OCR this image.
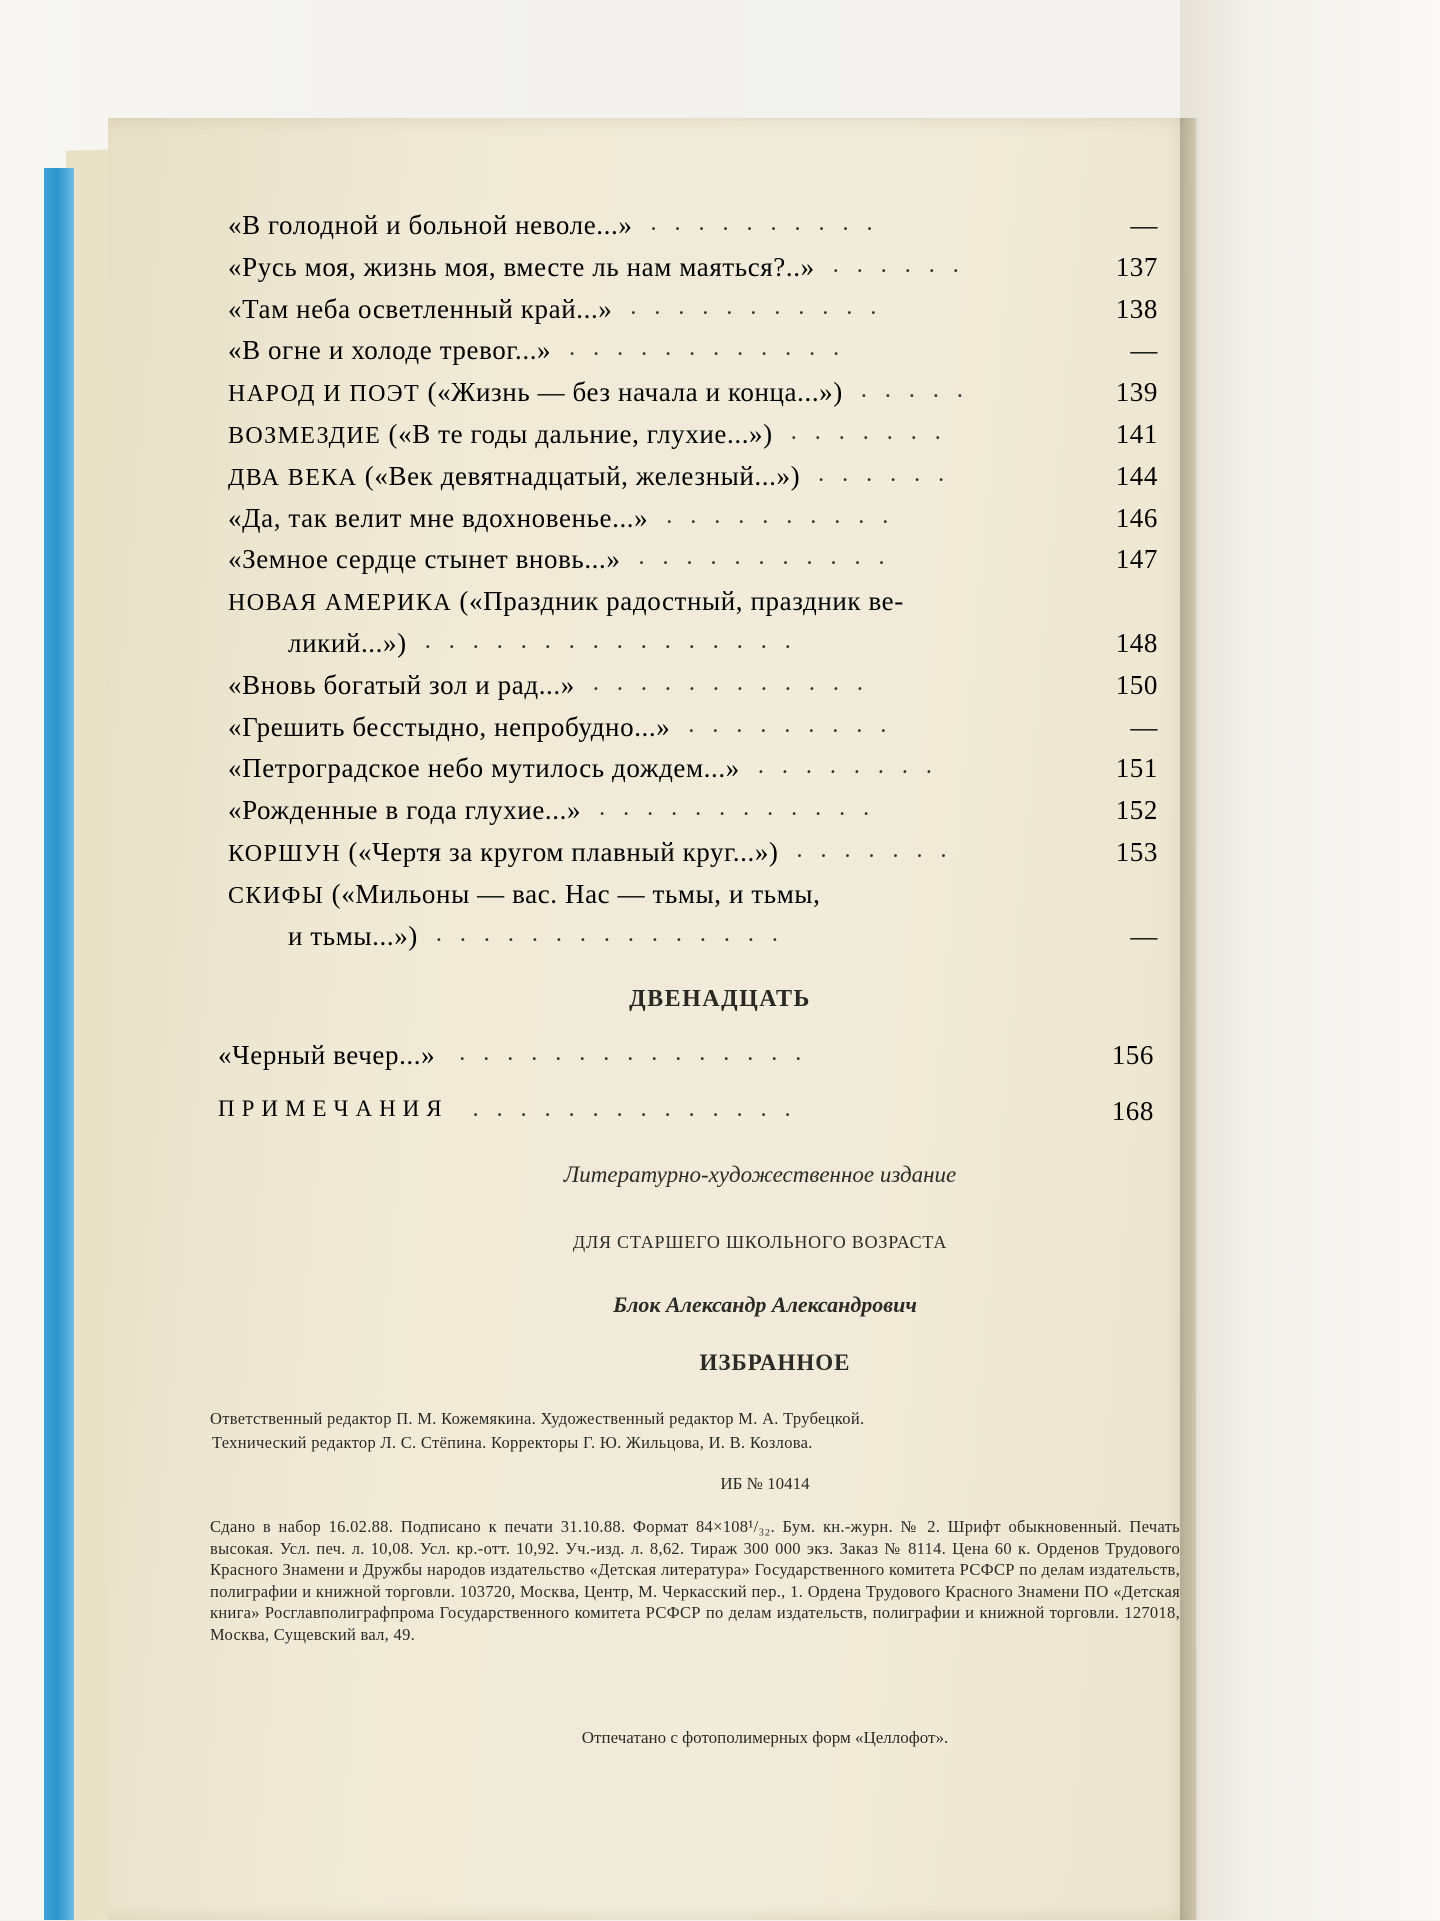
«В голодной и больной неволе...»	—
..........
«Русь моя, жизнь моя, вместе ль нам маяться?..»	137
......
«Там неба осветленный край...»	138
...........
«В огне и холоде тревог...»	—
............
НАРОД И ПОЭТ («Жизнь — без начала и конца...»)	139
.....
ВОЗМЕЗДИЕ («В те годы дальние, глухие...»)	141
.......
ДВА ВЕКА («Век девятнадцатый, железный...»)	144
......
«Да, так велит мне вдохновенье...»	146
..........
«Земное сердце стынет вновь...»	147
...........
НОВАЯ АМЕРИКА («Праздник радостный, праздник ве-
ликий...»)	148
................
«Вновь богатый зол и рад...»	150
............
«Грешить бесстыдно, непробудно...»	—
.........
«Петроградское небо мутилось дождем...»	151
........
«Рожденные в года глухие...»	152
............
КОРШУН («Чертя за кругом плавный круг...»)	153
.......
СКИФЫ («Мильоны — вас. Нас — тьмы, и тьмы,
и тьмы...»)	—
...............
ДВЕНАДЦАТЬ
«Черный вечер...»	156
...............
ПРИМЕЧАНИЯ	168
..............
Литературно-художественное издание
ДЛЯ СТАРШЕГО ШКОЛЬНОГО ВОЗРАСТА
Блок Александр Александрович
ИЗБРАННОЕ
Ответственный редактор П. М. Кожемякина. Художественный редактор М. А. Трубецкой.
Технический редактор Л. С. Стёпина. Корректоры Г. Ю. Жильцова, И. В. Козлова.
ИБ № 10414
Сдано в набор 16.02.88. Подписано к печати 31.10.88. Формат 84×108¹/₃₂. Бум. кн.-журн. № 2. Шрифт обыкновенный. Печать высокая. Усл. печ. л. 10,08. Усл. кр.-отт. 10,92. Уч.-изд. л. 8,62. Тираж 300 000 экз. Заказ № 8114. Цена 60 к. Орденов Трудового Красного Знамени и Дружбы народов издательство «Детская литература» Государственного комитета РСФСР по делам издательств, полиграфии и книжной торговли. 103720, Москва, Центр, М. Черкасский пер., 1. Ордена Трудового Красного Знамени ПО «Детская книга» Росглавполиграфпрома Государственного комитета РСФСР по делам издательств, полиграфии и книжной торговли. 127018, Москва, Сущевский вал, 49.
Отпечатано с фотополимерных форм «Целлофот».
